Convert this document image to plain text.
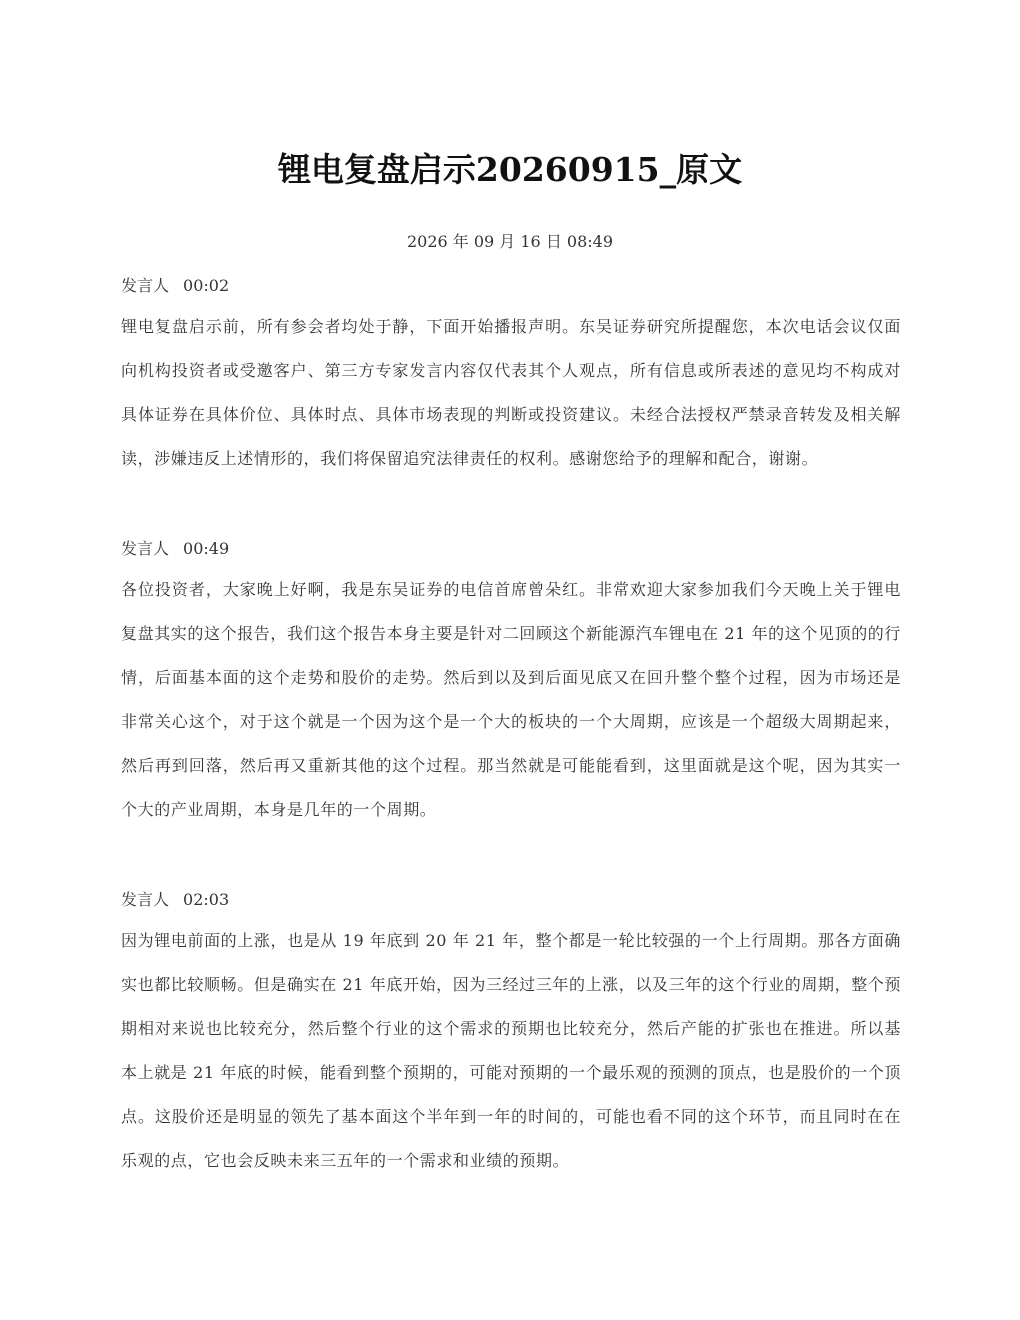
锂电复盘启示20260915_原文

2026 年 09 月 16 日 08:49

发言人 00:02

锂电复盘启示前，所有参会者均处于静，下面开始播报声明。东吴证券研究所提醒您，本次电话会议仅面向机构投资者或受邀客户、第三方专家发言内容仅代表其个人观点，所有信息或所表述的意见均不构成对具体证券在具体价位、具体时点、具体市场表现的判断或投资建议。未经合法授权严禁录音转发及相关解读，涉嫌违反上述情形的，我们将保留追究法律责任的权利。感谢您给予的理解和配合，谢谢。

发言人 00:49

各位投资者，大家晚上好啊，我是东吴证券的电信首席曾朵红。非常欢迎大家参加我们今天晚上关于锂电复盘其实的这个报告，我们这个报告本身主要是针对二回顾这个新能源汽车锂电在 21 年的这个见顶的的行情，后面基本面的这个走势和股价的走势。然后到以及到后面见底又在回升整个整个过程，因为市场还是非常关心这个，对于这个就是一个因为这个是一个大的板块的一个大周期，应该是一个超级大周期起来，然后再到回落，然后再又重新其他的这个过程。那当然就是可能能看到，这里面就是这个呢，因为其实一个大的产业周期，本身是几年的一个周期。

发言人 02:03

因为锂电前面的上涨，也是从 19 年底到 20 年 21 年，整个都是一轮比较强的一个上行周期。那各方面确实也都比较顺畅。但是确实在 21 年底开始，因为三经过三年的上涨，以及三年的这个行业的周期，整个预期相对来说也比较充分，然后整个行业的这个需求的预期也比较充分，然后产能的扩张也在推进。所以基本上就是 21 年底的时候，能看到整个预期的，可能对预期的一个最乐观的预测的顶点，也是股价的一个顶点。这股价还是明显的领先了基本面这个半年到一年的时间的，可能也看不同的这个环节，而且同时在在乐观的点，它也会反映未来三五年的一个需求和业绩的预期。
